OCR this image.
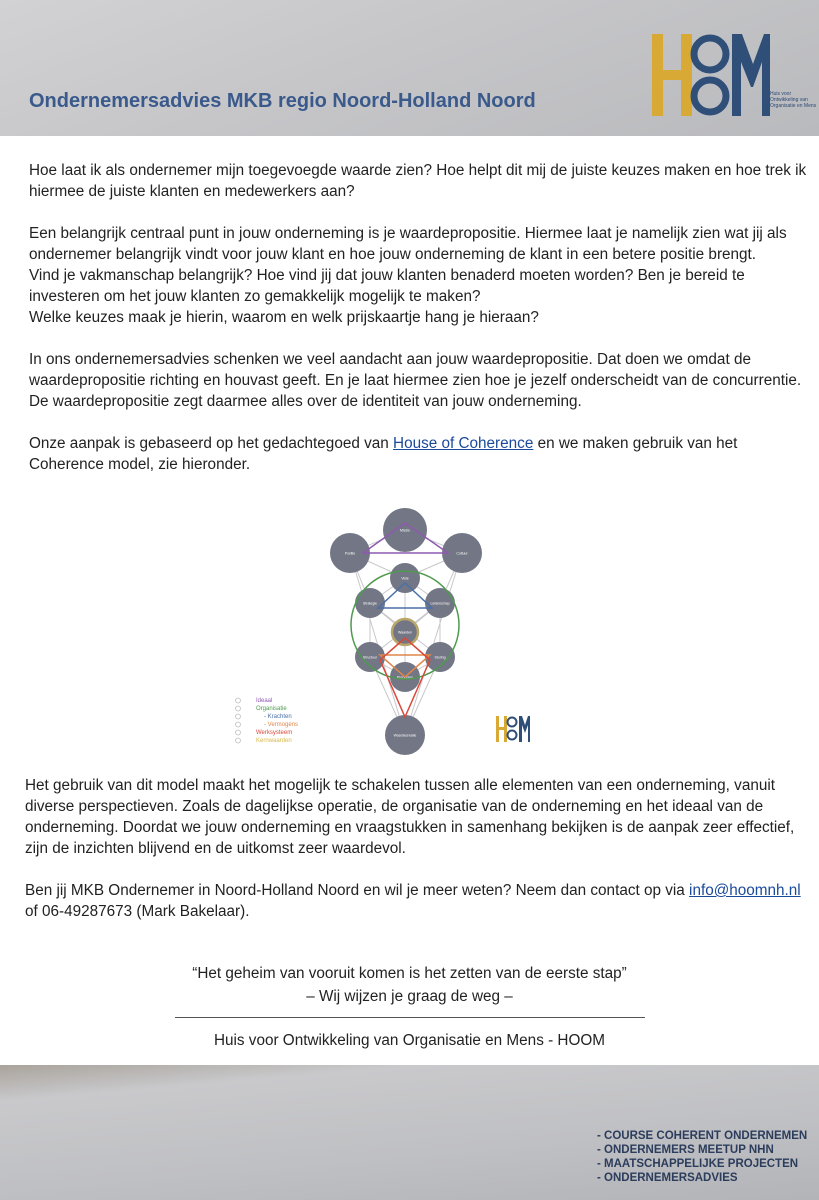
Ondernemersadvies MKB regio Noord-Holland Noord	Huis voor Ontwikkeling van Organisatie en Mens

Hoe laat ik als ondernemer mijn toegevoegde waarde zien? Hoe helpt dit mij de juiste keuzes maken en hoe trek ik hiermee de juiste klanten en medewerkers aan?

Een belangrijk centraal punt in jouw onderneming is je waardepropositie. Hiermee laat je namelijk zien wat jij als ondernemer belangrijk vindt voor jouw klant en hoe jouw onderneming de klant in een betere positie brengt.
Vind je vakmanschap belangrijk? Hoe vind jij dat jouw klanten benaderd moeten worden? Ben je bereid te investeren om het jouw klanten zo gemakkelijk mogelijk te maken?

Welke keuzes maak je hierin, waarom en welk prijskaartje hang je hieraan?

In ons ondernemersadvies schenken we veel aandacht aan jouw waardepropositie. Dat doen we omdat de waardepropositie richting en houvast geeft. En je laat hiermee zien hoe je jezelf onderscheidt van de concurrentie. De waardepropositie zegt daarmee alles over de identiteit van jouw onderneming.

Onze aanpak is gebaseerd op het gedachtegoed van House of Coherence en we maken gebruik van het Coherence model, zie hieronder.

Missie
Positie	Cultuur
Visie
Strategie	Leiderschap
Waarden
Structuur	Sturing
Processen
Waardecreatie
Ideaal
Organisatie
- Krachten
- Vermogens
Werksysteem
Kernwaarden

Het gebruik van dit model maakt het mogelijk te schakelen tussen alle elementen van een onderneming, vanuit diverse perspectieven. Zoals de dagelijkse operatie, de organisatie van de onderneming en het ideaal van de onderneming. Doordat we jouw onderneming en vraagstukken in samenhang bekijken is de aanpak zeer effectief, zijn de inzichten blijvend en de uitkomst zeer waardevol.

Ben jij MKB Ondernemer in Noord-Holland Noord en wil je meer weten? Neem dan contact op via info@hoomnh.nl of 06-49287673 (Mark Bakelaar).

“Het geheim van vooruit komen is het zetten van de eerste stap”
– Wij wijzen je graag de weg –
Huis voor Ontwikkeling van Organisatie en Mens - HOOM
- COURSE COHERENT ONDERNEMEN
- ONDERNEMERS MEETUP NHN
- MAATSCHAPPELIJKE PROJECTEN
- ONDERNEMERSADVIES
